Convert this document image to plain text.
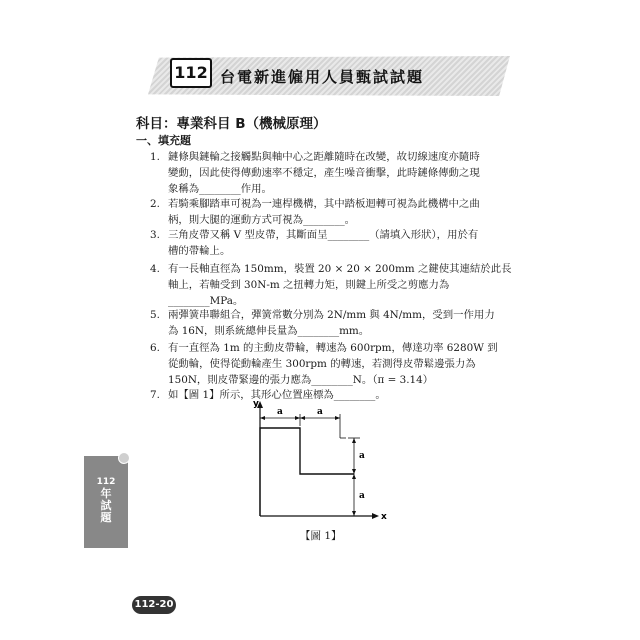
112 台電新進僱用人員甄試試題
科目：專業科目 B（機械原理）
一、填充題
1. 鏈條與鏈輪之接觸點與軸中心之距離隨時在改變，故切線速度亦隨時
變動，因此使得傳動速率不穩定，產生噪音衝擊，此時鏈條傳動之現
象稱為________作用。
2. 若騎乘腳踏車可視為一連桿機構，其中踏板迴轉可視為此機構中之曲
柄，則大腿的運動方式可視為________。
3. 三角皮帶又稱 V 型皮帶，其斷面呈________（請填入形狀），用於有
槽的帶輪上。
4. 有一長軸直徑為 150mm，裝置 20 × 20 × 200mm 之鍵使其連結於此長
軸上，若軸受到 30N-m 之扭轉力矩，則鍵上所受之剪應力為
________MPa。
5. 兩彈簧串聯組合，彈簧常數分別為 2N/mm 與 4N/mm，受到一作用力
為 16N，則系統總伸長量為________mm。
6. 有一直徑為 1m 的主動皮帶輪，轉速為 600rpm，傳達功率 6280W 到
從動輪，使得從動輪產生 300rpm 的轉速，若測得皮帶鬆邊張力為
150N，則皮帶緊邊的張力應為________N。（π = 3.14）
7. 如【圖 1】所示，其形心位置座標為________。
y
x
a	a
a
a
【圖 1】
112
年
試
題
112-20
